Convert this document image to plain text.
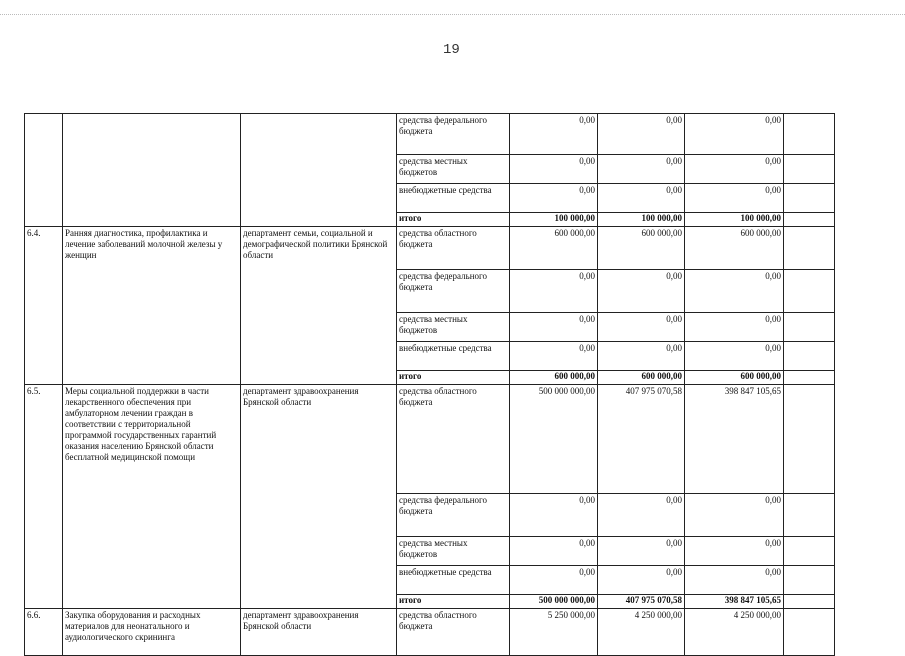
19
			средства федерального бюджета	0,00	0,00	0,00	
			средства местных бюджетов	0,00	0,00	0,00	
			внебюджетные средства	0,00	0,00	0,00	
			итого	100 000,00	100 000,00	100 000,00	
6.4.	Ранняя диагностика, профилактика и лечение заболеваний молочной железы у женщин	департамент семьи, социальной и демографической политики Брянской области	средства областного бюджета	600 000,00	600 000,00	600 000,00	
			средства федерального бюджета	0,00	0,00	0,00	
			средства местных бюджетов	0,00	0,00	0,00	
			внебюджетные средства	0,00	0,00	0,00	
			итого	600 000,00	600 000,00	600 000,00	
6.5.	Меры социальной поддержки в части лекарственного обеспечения при амбулаторном лечении граждан в соответствии с территориальной программой государственных гарантий оказания населению Брянской области бесплатной медицинской помощи	департамент здравоохранения Брянской области	средства областного бюджета	500 000 000,00	407 975 070,58	398 847 105,65	
			средства федерального бюджета	0,00	0,00	0,00	
			средства местных бюджетов	0,00	0,00	0,00	
			внебюджетные средства	0,00	0,00	0,00	
			итого	500 000 000,00	407 975 070,58	398 847 105,65	
6.6.	Закупка оборудования и расходных материалов для неонатального и аудиологического скрининга	департамент здравоохранения Брянской области	средства областного бюджета	5 250 000,00	4 250 000,00	4 250 000,00	
